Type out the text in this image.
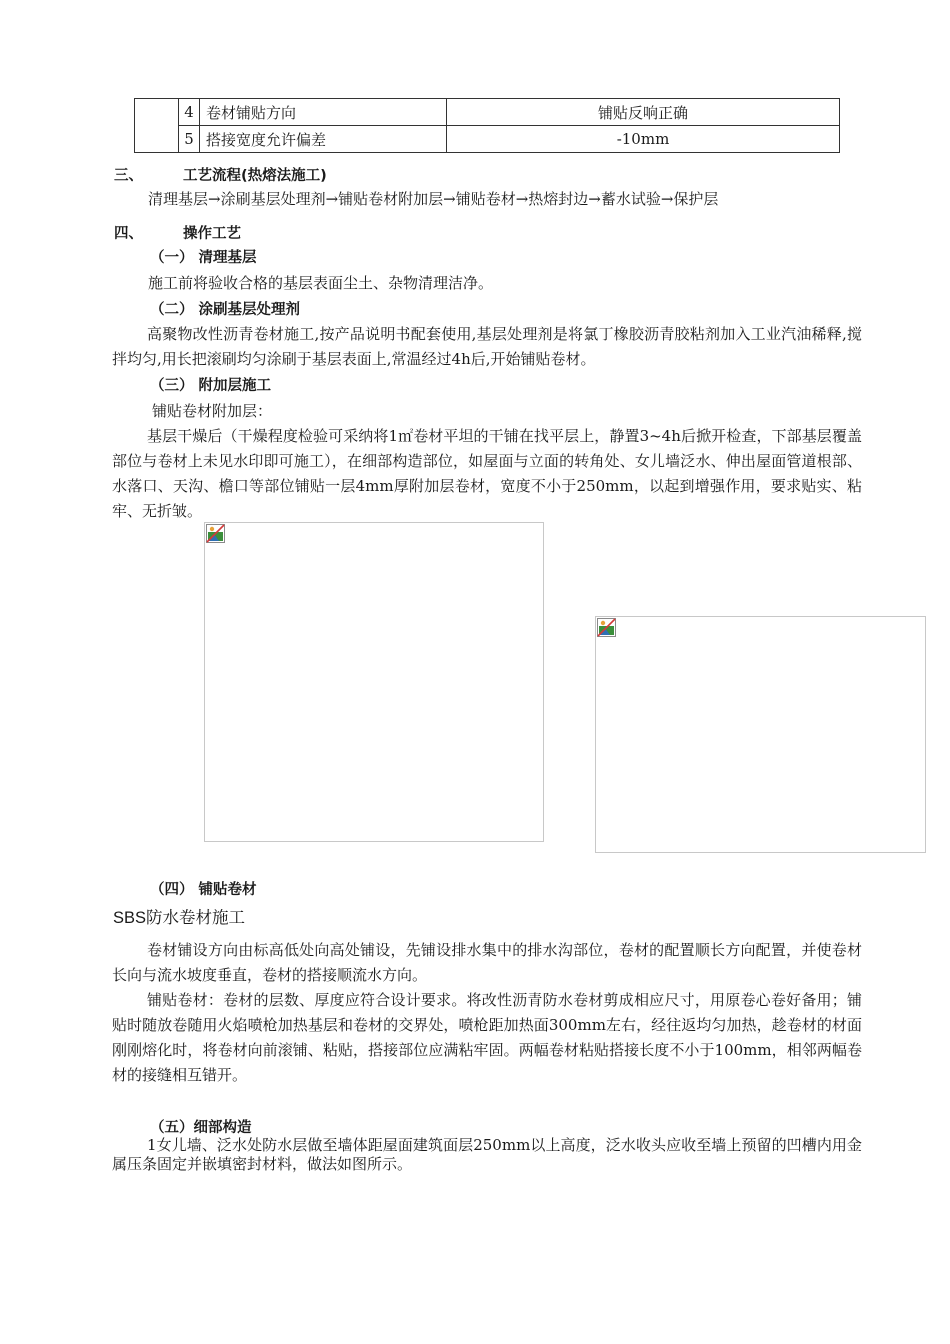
	4	卷材铺贴方向	铺贴反响正确
	5	搭接宽度允许偏差	-10mm
三、	工艺流程(热熔法施工)
清理基层→涂刷基层处理剂→铺贴卷材附加层→铺贴卷材→热熔封边→蓄水试验→保护层
四、	操作工艺
（一） 清理基层
施工前将验收合格的基层表面尘土、杂物清理洁净。
（二） 涂刷基层处理剂

高聚物改性沥青卷材施工,按产品说明书配套使用,基层处理剂是将氯丁橡胶沥青胶粘剂加入工业汽油稀释,搅拌均匀,用长把滚刷均匀涂刷于基层表面上,常温经过4h后,开始铺贴卷材。

（三） 附加层施工
铺贴卷材附加层：

基层干燥后（干燥程度检验可采纳将1㎡卷材平坦的干铺在找平层上，静置3~4h后掀开检查，下部基层覆盖部位与卷材上未见水印即可施工），在细部构造部位，如屋面与立面的转角处、女儿墙泛水、伸出屋面管道根部、水落口、天沟、檐口等部位铺贴一层4mm厚附加层卷材，宽度不小于250mm，以起到增强作用，要求贴实、粘牢、无折皱。

（四） 铺贴卷材
SBS防水卷材施工

卷材铺设方向由标高低处向高处铺设，先铺设排水集中的排水沟部位，卷材的配置顺长方向配置，并使卷材长向与流水坡度垂直，卷材的搭接顺流水方向。

铺贴卷材：卷材的层数、厚度应符合设计要求。将改性沥青防水卷材剪成相应尺寸，用原卷心卷好备用；铺贴时随放卷随用火焰喷枪加热基层和卷材的交界处，喷枪距加热面300mm左右，经往返均匀加热，趁卷材的材面刚刚熔化时，将卷材向前滚铺、粘贴，搭接部位应满粘牢固。两幅卷材粘贴搭接长度不小于100mm，相邻两幅卷材的接缝相互错开。

（五）细部构造

1女儿墙、泛水处防水层做至墙体距屋面建筑面层250mm以上高度，泛水收头应收至墙上预留的凹槽内用金属压条固定并嵌填密封材料，做法如图所示。
